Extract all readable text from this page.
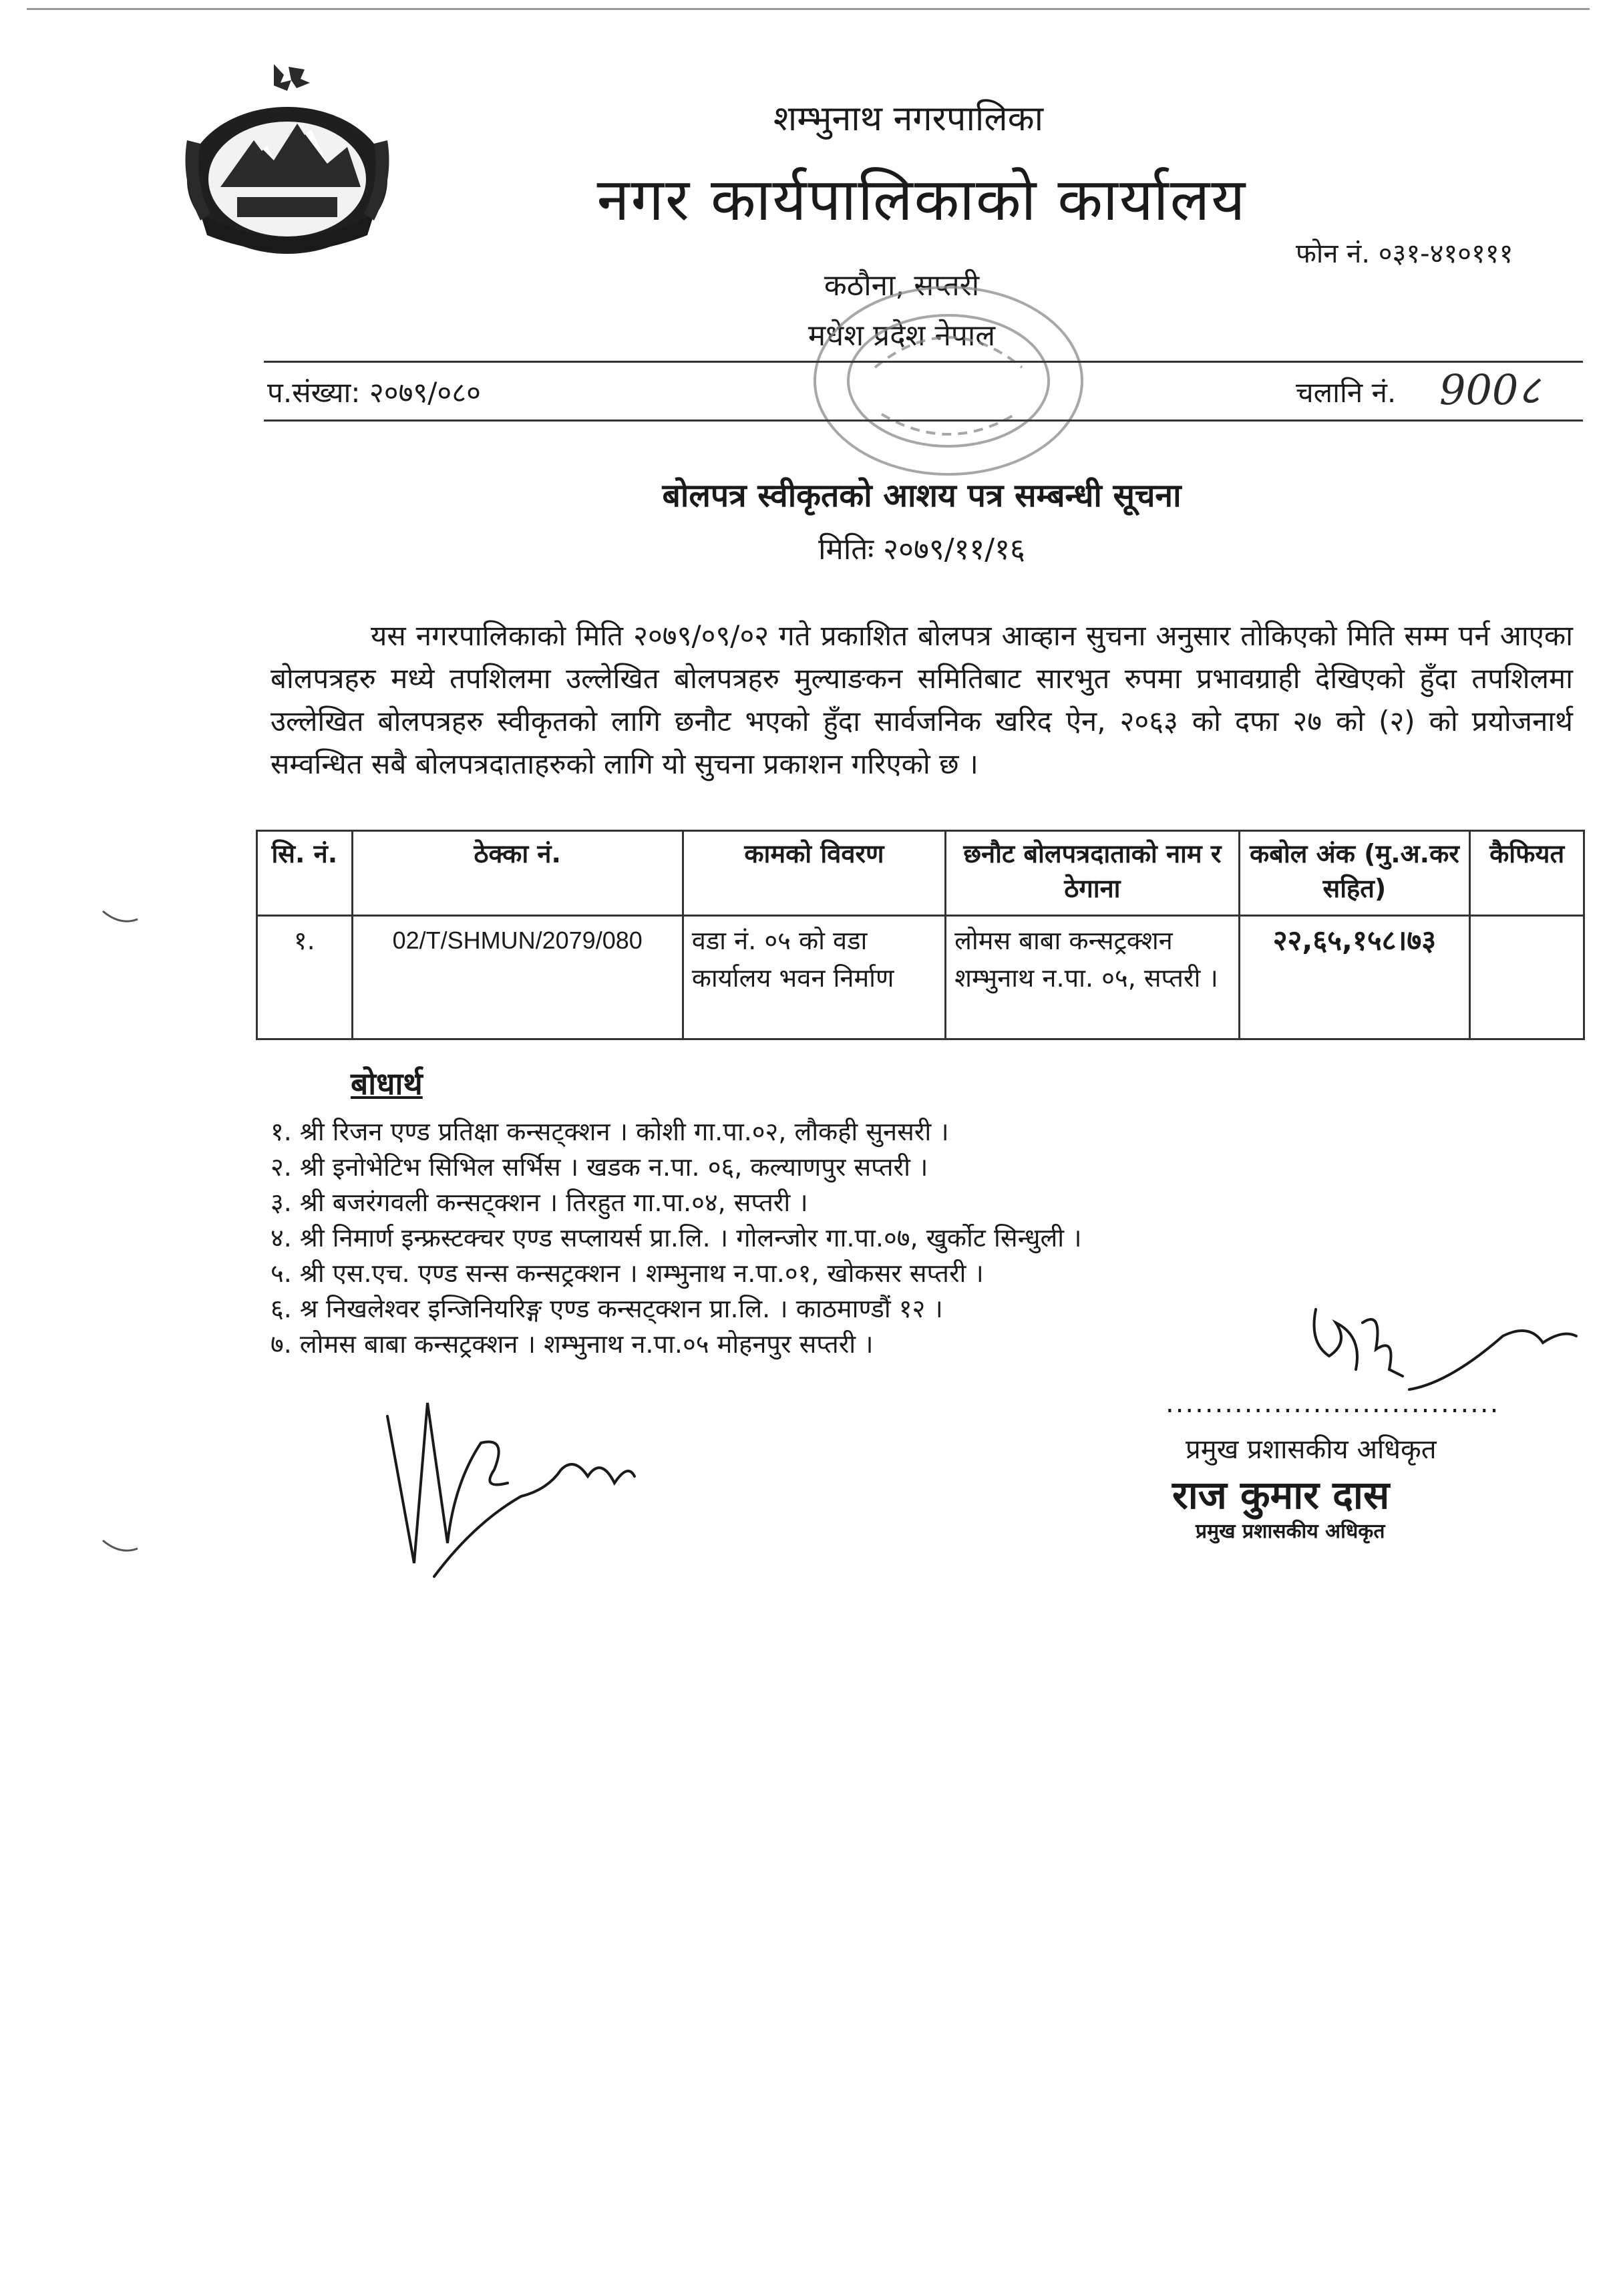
शम्भुनाथ नगरपालिका
नगर कार्यपालिकाको कार्यालय
फोन नं. ०३१-४१०१११
कठौना, सप्तरी
मधेश प्रदेश नेपाल
प.संख्या: २०७९/०८०	चलानि नं. 900८
बोलपत्र स्वीकृतको आशय पत्र सम्बन्धी सूचना
मितिः २०७९/११/१६
यस नगरपालिकाको मिति २०७९/०९/०२ गते प्रकाशित बोलपत्र आव्हान सुचना अनुसार तोकिएको मिति सम्म पर्न आएका बोलपत्रहरु मध्ये तपशिलमा उल्लेखित बोलपत्रहरु मुल्याङकन समितिबाट सारभुत रुपमा प्रभावग्राही देखिएको हुँदा तपशिलमा उल्लेखित बोलपत्रहरु स्वीकृतको लागि छनौट भएको हुँदा सार्वजनिक खरिद ऐन, २०६३ को दफा २७ को (२) को प्रयोजनार्थ सम्वन्धित सबै बोलपत्रदाताहरुको लागि यो सुचना प्रकाशन गरिएको छ ।
सि. नं.	ठेक्का नं.	कामको विवरण	छनौट बोलपत्रदाताको नाम र ठेगाना	कबोल अंक (मु.अ.कर सहित)	कैफियत
१.	02/T/SHMUN/2079/080	वडा नं. ०५ को वडा कार्यालय भवन निर्माण	लोमस बाबा कन्सट्रक्शन शम्भुनाथ न.पा. ०५, सप्तरी ।	२२,६५,१५८।७३	
बोधार्थ
१. श्री रिजन एण्ड प्रतिक्षा कन्सट्क्शन । कोशी गा.पा.०२, लौकही सुनसरी ।
२. श्री इनोभेटिभ सिभिल सर्भिस । खडक न.पा. ०६, कल्याणपुर सप्तरी ।
३. श्री बजरंगवली कन्सट्क्शन । तिरहुत गा.पा.०४, सप्तरी ।
४. श्री निमार्ण इन्फ्रस्टक्चर एण्ड सप्लायर्स प्रा.लि. । गोलन्जोर गा.पा.०७, खुर्कोट सिन्धुली ।
५. श्री एस.एच. एण्ड सन्स कन्सट्रक्शन । शम्भुनाथ न.पा.०१, खोकसर सप्तरी ।
६. श्र निखलेश्वर इन्जिनियरिङ्ग एण्ड कन्सट्क्शन प्रा.लि. । काठमाण्डौं १२ ।
७. लोमस बाबा कन्सट्रक्शन । शम्भुनाथ न.पा.०५ मोहनपुर सप्तरी ।
..................................
प्रमुख प्रशासकीय अधिकृत
राज कुमार दास
प्रमुख प्रशासकीय अधिकृत
